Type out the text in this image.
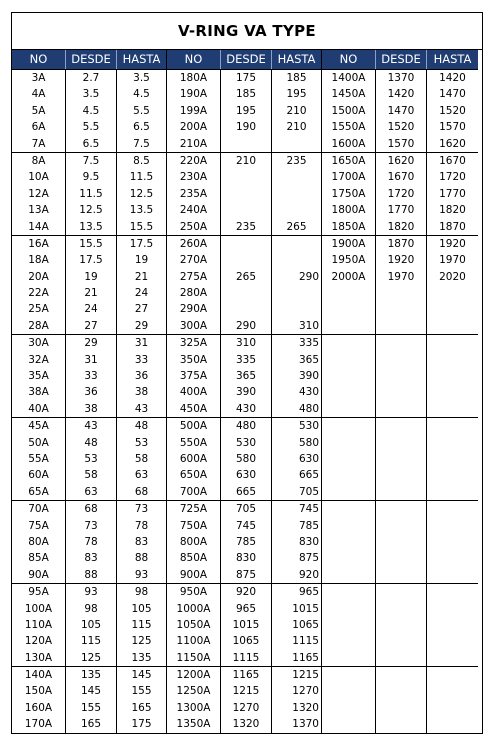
V-RING VA TYPE
NO	DESDE	HASTA
3A	2.7	3.5
4A	3.5	4.5
5A	4.5	5.5
6A	5.5	6.5
7A	6.5	7.5
8A	7.5	8.5
10A	9.5	11.5
12A	11.5	12.5
13A	12.5	13.5
14A	13.5	15.5
16A	15.5	17.5
18A	17.5	19
20A	19	21
22A	21	24
25A	24	27
28A	27	29
30A	29	31
32A	31	33
35A	33	36
38A	36	38
40A	38	43
45A	43	48
50A	48	53
55A	53	58
60A	58	63
65A	63	68
70A	68	73
75A	73	78
80A	78	83
85A	83	88
90A	88	93
95A	93	98
100A	98	105
110A	105	115
120A	115	125
130A	125	135
140A	135	145
150A	145	155
160A	155	165
170A	165	175
NO	DESDE	HASTA
180A	175	185
190A	185	195
199A	195	210
200A	190	210
210A
220A	210	235
230A
235A
240A
250A	235	265
260A
270A
275A	265	290
280A
290A
300A	290	310
325A	310	335
350A	335	365
375A	365	390
400A	390	430
450A	430	480
500A	480	530
550A	530	580
600A	580	630
650A	630	665
700A	665	705
725A	705	745
750A	745	785
800A	785	830
850A	830	875
900A	875	920
950A	920	965
1000A	965	1015
1050A	1015	1065
1100A	1065	1115
1150A	1115	1165
1200A	1165	1215
1250A	1215	1270
1300A	1270	1320
1350A	1320	1370
NO	DESDE	HASTA
1400A	1370	1420
1450A	1420	1470
1500A	1470	1520
1550A	1520	1570
1600A	1570	1620
1650A	1620	1670
1700A	1670	1720
1750A	1720	1770
1800A	1770	1820
1850A	1820	1870
1900A	1870	1920
1950A	1920	1970
2000A	1970	2020
